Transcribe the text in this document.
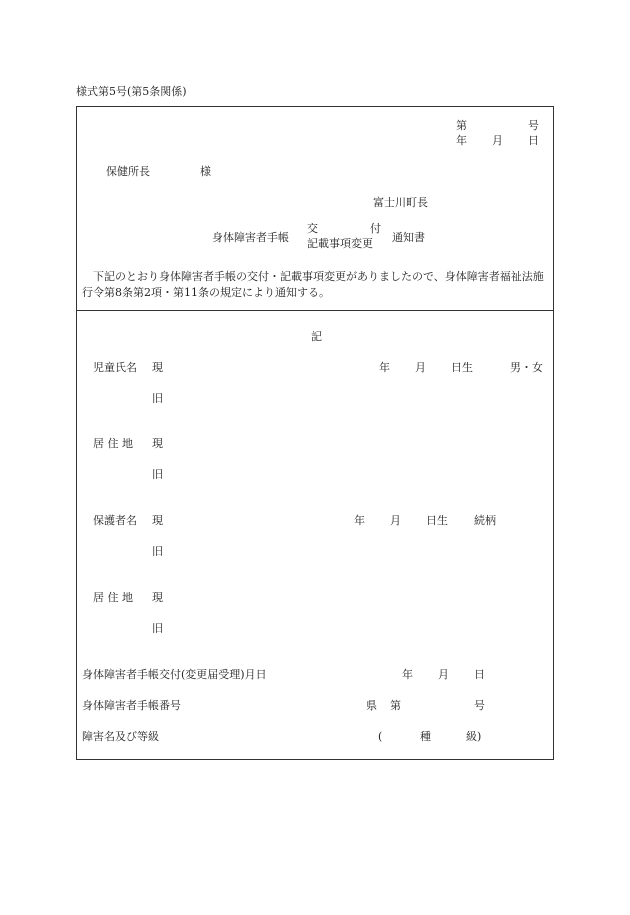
様式第5号(第5条関係)
第	号
年 月 日
保健所長	様
富士川町長
身体障害者手帳
交	付
記載事項変更 通知書
下記のとおり身体障害者手帳の交付・記載事項変更がありましたので、身体障害者福祉法施行令第8条第2項・第11条の規定により通知する。
記
児童氏名 現	年 月 日生	男・女
旧
居 住 地 現
旧
保護者名 現	年 月 日生 続柄
旧
居 住 地 現
旧
身体障害者手帳交付(変更届受理)月日	年 月 日
身体障害者手帳番号	県 第	号
障害名及び等級	(	種	級)
